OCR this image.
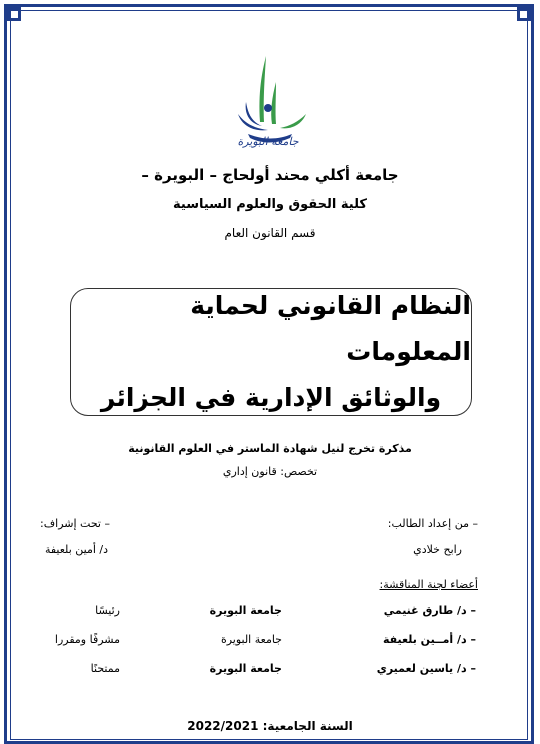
جامعة البويرة
جامعة أكلي محند أولحاج – البويرة –
كلية الحقوق والعلوم السياسية
قسم القانون العام
النظام القانوني لحماية المعلومات
والوثائق الإدارية في الجزائر
مذكرة تخرج لنيل شهادة الماستر في العلوم القانونية
تخصص: قانون إداري
– من إعداد الطالب:
رابح خلادي
– تحت إشراف:
د/ أمين بلعيفة
أعضاء لجنة المناقشة:
– د/ طارق غنيمي
جامعة البويرة
رئيسًا
– د/ أمــين بلعيفة
جامعة البويرة
مشرفًا ومقررا
– د/ ياسين لعميري
جامعة البويرة
ممتحنًا
السنة الجامعية: 2022/2021
